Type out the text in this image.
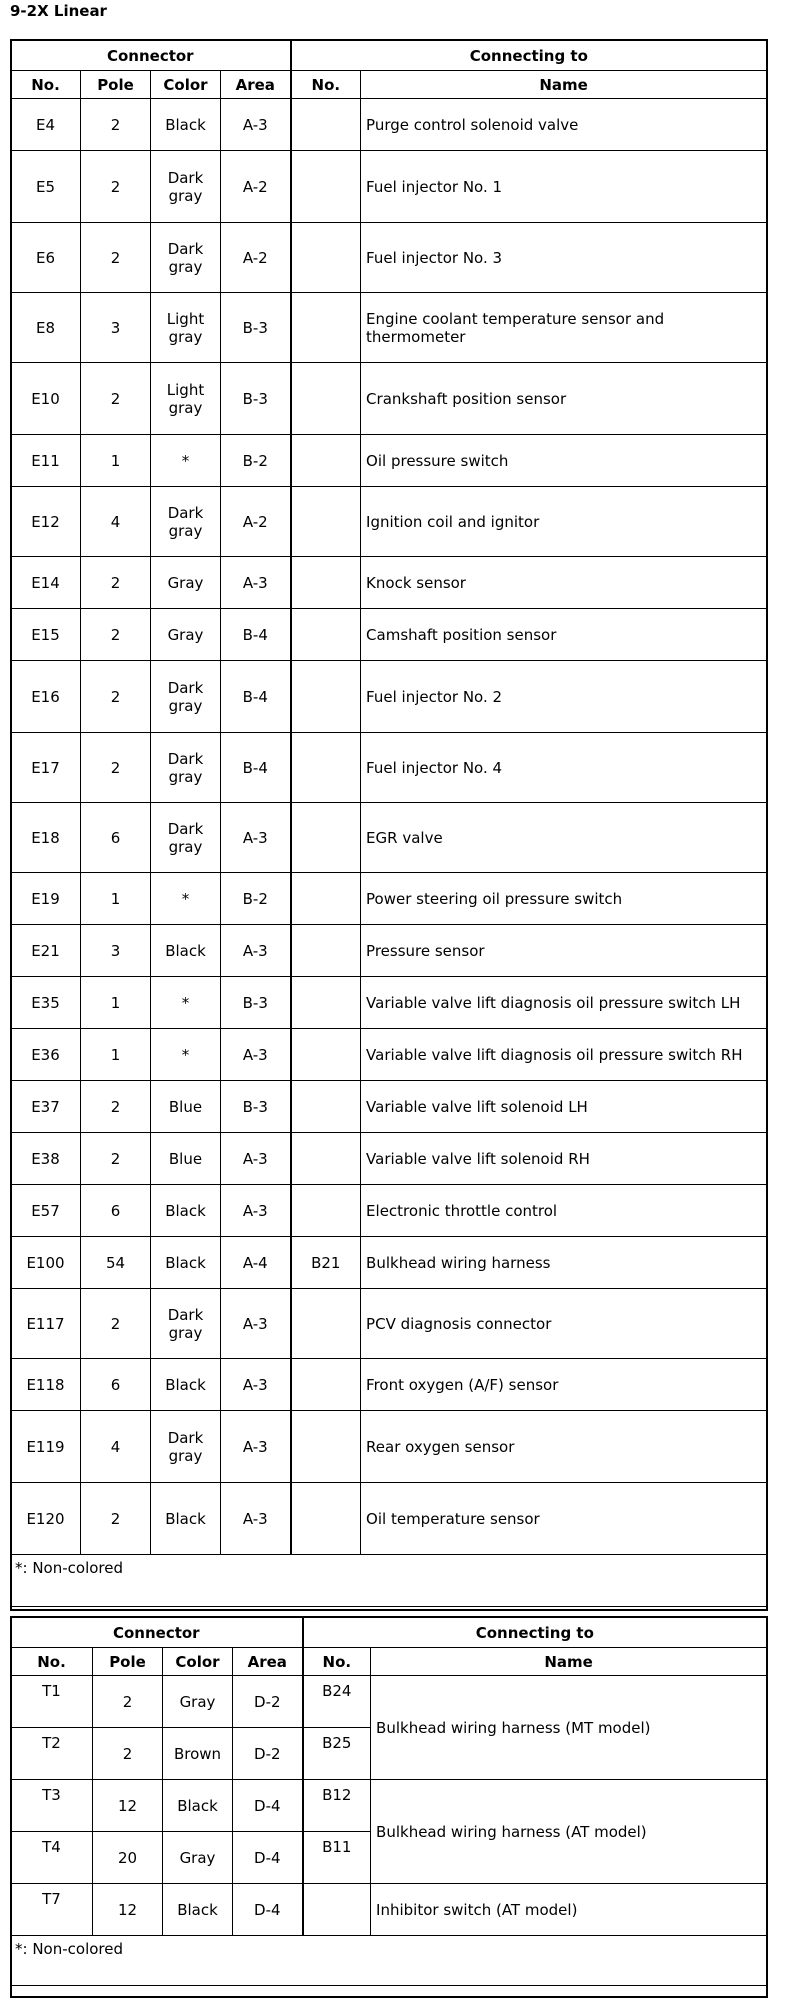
9-2X Linear
Connector				Connecting to	
No.	Pole	Color	Area	No.	Name
E4	2	Black	A-3		Purge control solenoid valve
E5	2	Dark gray	A-2		Fuel injector No. 1
E6	2	Dark gray	A-2		Fuel injector No. 3
E8	3	Light gray	B-3		Engine coolant temperature sensor and thermometer
E10	2	Light gray	B-3		Crankshaft position sensor
E11	1	*	B-2		Oil pressure switch
E12	4	Dark gray	A-2		Ignition coil and ignitor
E14	2	Gray	A-3		Knock sensor
E15	2	Gray	B-4		Camshaft position sensor
E16	2	Dark gray	B-4		Fuel injector No. 2
E17	2	Dark gray	B-4		Fuel injector No. 4
E18	6	Dark gray	A-3		EGR valve
E19	1	*	B-2		Power steering oil pressure switch
E21	3	Black	A-3		Pressure sensor
E35	1	*	B-3		Variable valve lift diagnosis oil pressure switch LH
E36	1	*	A-3		Variable valve lift diagnosis oil pressure switch RH
E37	2	Blue	B-3		Variable valve lift solenoid LH
E38	2	Blue	A-3		Variable valve lift solenoid RH
E57	6	Black	A-3		Electronic throttle control
E100	54	Black	A-4	B21	Bulkhead wiring harness
E117	2	Dark gray	A-3		PCV diagnosis connector
E118	6	Black	A-3		Front oxygen (A/F) sensor
E119	4	Dark gray	A-3		Rear oxygen sensor
E120	2	Black	A-3		Oil temperature sensor
*: Non-colored					
Connector				Connecting to	
No.	Pole	Color	Area	No.	Name
T1	2	Gray	D-2	B24	Bulkhead wiring harness (MT model)
T2	2	Brown	D-2	B25	
T3	12	Black	D-4	B12	Bulkhead wiring harness (AT model)
T4	20	Gray	D-4	B11	
T7	12	Black	D-4		Inhibitor switch (AT model)
*: Non-colored					
